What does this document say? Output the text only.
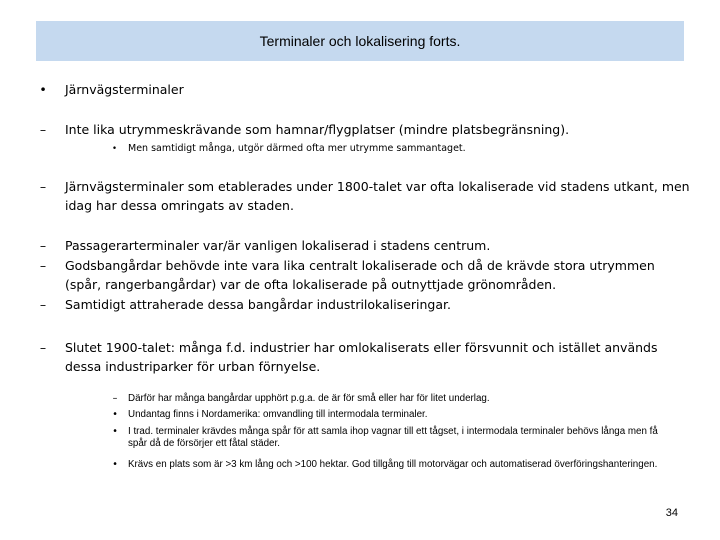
Terminaler och lokalisering forts.
• Järnvägsterminaler
–	Inte lika utrymmeskrävande som hamnar/flygplatser (mindre platsbegränsning).
•	Men samtidigt många, utgör därmed ofta mer utrymme sammantaget.
–	Järnvägsterminaler som etablerades under 1800-talet var ofta lokaliserade vid stadens utkant, men idag har dessa omringats av staden.
–	Passagerarterminaler var/är vanligen lokaliserad i stadens centrum.
–	Godsbangårdar behövde inte vara lika centralt lokaliserade och då de krävde stora utrymmen (spår, rangerbangårdar) var de ofta lokaliserade på outnyttjade grönområden.
–	Samtidigt attraherade dessa bangårdar industrilokaliseringar.
–	Slutet 1900-talet: många f.d. industrier har omlokaliserats eller försvunnit och istället används dessa industriparker för urban förnyelse.
– Därför har många bangårdar upphört p.g.a. de är för små eller har för litet underlag.
• Undantag finns i Nordamerika: omvandling till intermodala terminaler.
• I trad. terminaler krävdes många spår för att samla ihop vagnar till ett tågset, i intermodala terminaler behövs långa men få spår då de försörjer ett fåtal städer.
• Krävs en plats som är >3 km lång och >100 hektar. God tillgång till motorvägar och automatiserad överföringshanteringen.
34
